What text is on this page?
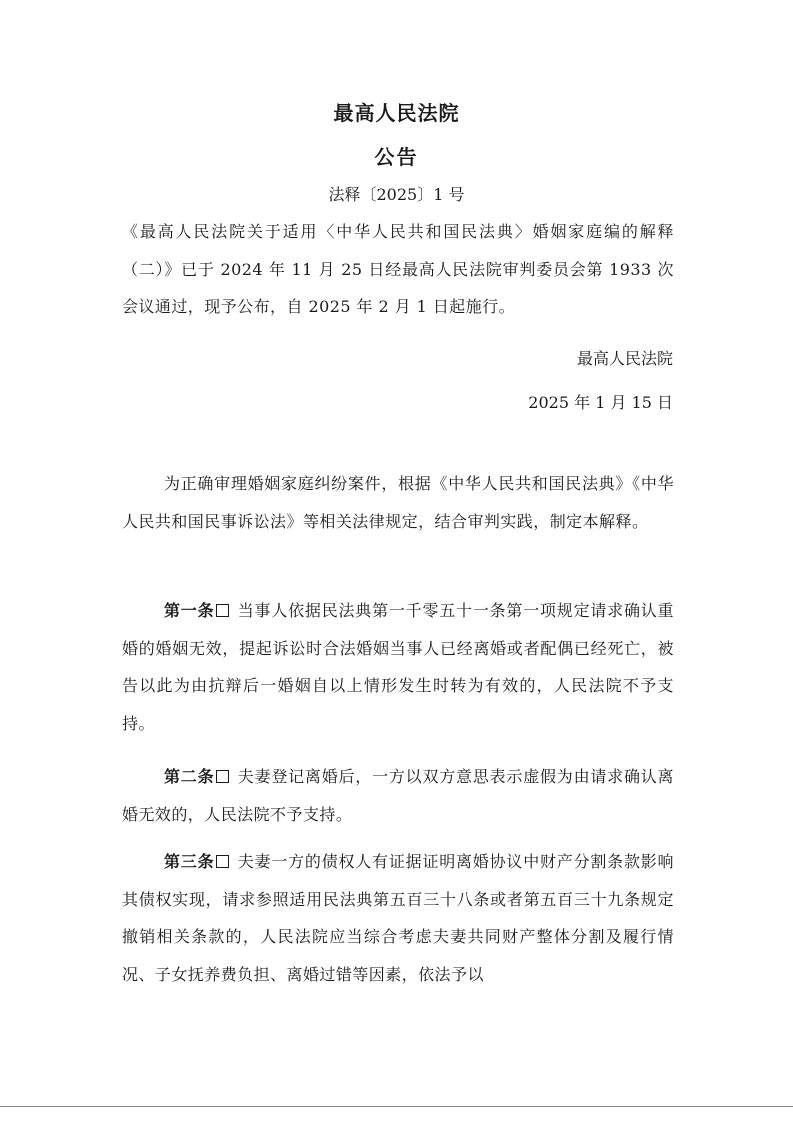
最高人民法院
公告
法释〔2025〕1 号

《最高人民法院关于适用〈中华人民共和国民法典〉婚姻家庭编的解释（二）》已于 2024 年 11 月 25 日经最高人民法院审判委员会第 1933 次会议通过，现予公布，自 2025 年 2 月 1 日起施行。

最高人民法院
2025 年 1 月 15 日

为正确审理婚姻家庭纠纷案件，根据《中华人民共和国民法典》《中华人民共和国民事诉讼法》等相关法律规定，结合审判实践，制定本解释。

第一条 当事人依据民法典第一千零五十一条第一项规定请求确认重婚的婚姻无效，提起诉讼时合法婚姻当事人已经离婚或者配偶已经死亡，被告以此为由抗辩后一婚姻自以上情形发生时转为有效的，人民法院不予支持。

第二条 夫妻登记离婚后，一方以双方意思表示虚假为由请求确认离婚无效的，人民法院不予支持。

第三条 夫妻一方的债权人有证据证明离婚协议中财产分割条款影响其债权实现，请求参照适用民法典第五百三十八条或者第五百三十九条规定撤销相关条款的，人民法院应当综合考虑夫妻共同财产整体分割及履行情况、子女抚养费负担、离婚过错等因素，依法予以
